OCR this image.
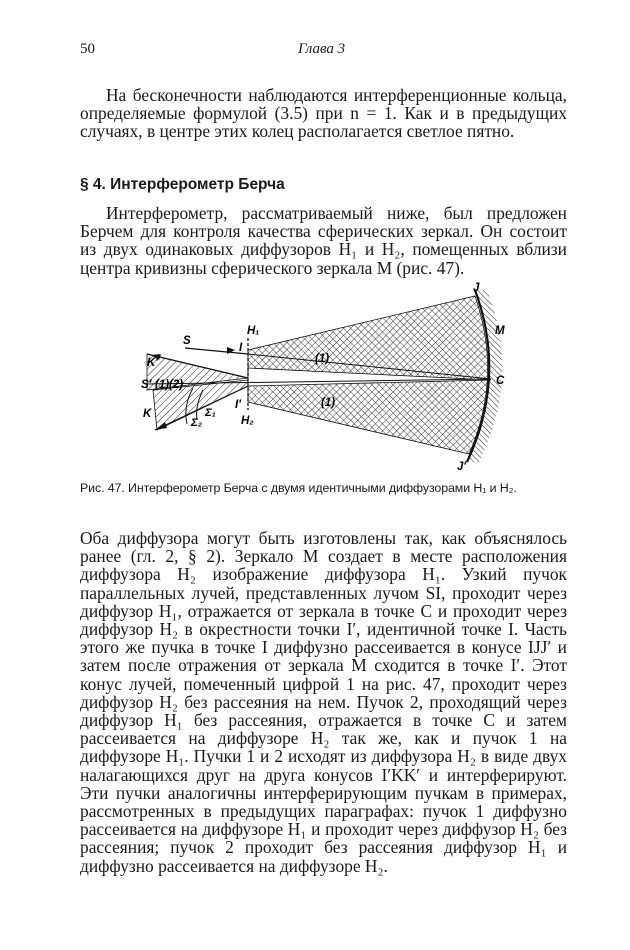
50	Глава 3

На бесконечности наблюдаются интерференционные кольца, определяемые формулой (3.5) при n = 1. Как и в предыдущих случаях, в центре этих колец располагается светлое пятно.

§ 4. Интерферометр Берча

Интерферометр, рассматриваемый ниже, был предложен Берчем для контроля качества сферических зеркал. Он состоит из двух одинаковых диффузоров H₁ и H₂, помещенных вблизи центра кривизны сферического зеркала M (рис. 47).

J
M
C
J′
S
H₁
I
I′
H₂
K′
K
S′
(1)
(1)
(1) (2)
Σ₁
Σ₂
Рис. 47. Интерферометр Берча с двумя идентичными диффузорами H₁ и H₂.

Оба диффузора могут быть изготовлены так, как объяснялось ранее (гл. 2, § 2). Зеркало M создает в месте расположения диффузора H₂ изображение диффузора H₁. Узкий пучок параллельных лучей, представленных лучом SI, проходит через диффузор H₁, отражается от зеркала в точке C и проходит через диффузор H₂ в окрестности точки I′, идентичной точке I. Часть этого же пучка в точке I диффузно рассеивается в конусе IJJ′ и затем после отражения от зеркала M сходится в точке I′. Этот конус лучей, помеченный цифрой 1 на рис. 47, проходит через диффузор H₂ без рассеяния на нем. Пучок 2, проходящий через диффузор H₁ без рассеяния, отражается в точке C и затем рассеивается на диффузоре H₂ так же, как и пучок 1 на диффузоре H₁. Пучки 1 и 2 исходят из диффузора H₂ в виде двух налагающихся друг на друга конусов I′KK′ и интерферируют. Эти пучки аналогичны интерферирующим пучкам в примерах, рассмотренных в предыдущих параграфах: пучок 1 диффузно рассеивается на диффузоре H₁ и проходит через диффузор H₂ без рассеяния; пучок 2 проходит без рассеяния диффузор H₁ и диффузно рассеивается на диффузоре H₂.
